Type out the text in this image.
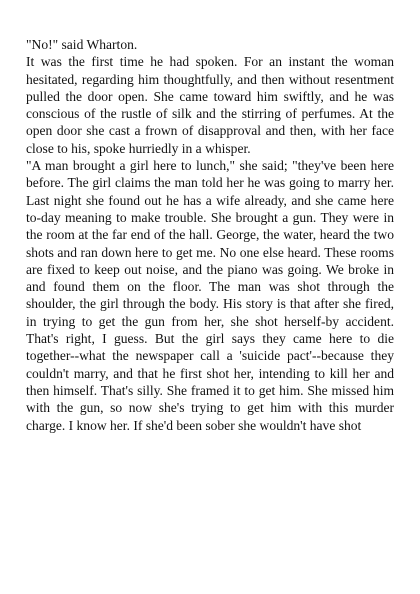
"No!" said Wharton.

It was the first time he had spoken. For an instant the woman hesitated, regarding him thoughtfully, and then without resentment pulled the door open. She came toward him swiftly, and he was conscious of the rustle of silk and the stirring of perfumes. At the open door she cast a frown of disapproval and then, with her face close to his, spoke hurriedly in a whisper.

"A man brought a girl here to lunch," she said; "they've been here before. The girl claims the man told her he was going to marry her. Last night she found out he has a wife already, and she came here to-day meaning to make trouble. She brought a gun. They were in the room at the far end of the hall. George, the water, heard the two shots and ran down here to get me. No one else heard. These rooms are fixed to keep out noise, and the piano was going. We broke in and found them on the floor. The man was shot through the shoulder, the girl through the body. His story is that after she fired, in trying to get the gun from her, she shot herself-by accident. That's right, I guess. But the girl says they came here to die together--what the newspaper call a 'suicide pact'--because they couldn't marry, and that he first shot her, intending to kill her and then himself. That's silly. She framed it to get him. She missed him with the gun, so now she's trying to get him with this murder charge. I know her. If she'd been sober she wouldn't have shot
